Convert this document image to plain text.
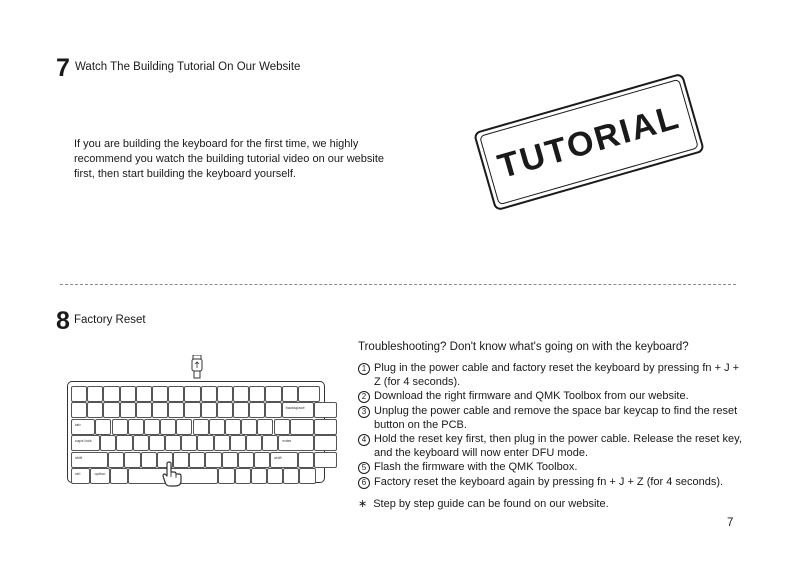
7 Watch The Building Tutorial On Our Website
If you are building the keyboard for the first time, we highly recommend you watch the building tutorial video on our website first, then start building the keyboard yourself.	TUTORIAL
8 Factory Reset
backspace
tab
caps lock	enter
shift	shift
ctrl	option
Troubleshooting? Don't know what's going on with the keyboard?
1 Plug in the power cable and factory reset the keyboard by pressing fn + J + Z (for 4 seconds).
2 Download the right firmware and QMK Toolbox from our website.
3 Unplug the power cable and remove the space bar keycap to find the reset button on the PCB.
4 Hold the reset key first, then plug in the power cable. Release the reset key, and the keyboard will now enter DFU mode.
5 Flash the firmware with the QMK Toolbox.
6 Factory reset the keyboard again by pressing fn + J + Z (for 4 seconds).
∗ Step by step guide can be found on our website.
7
